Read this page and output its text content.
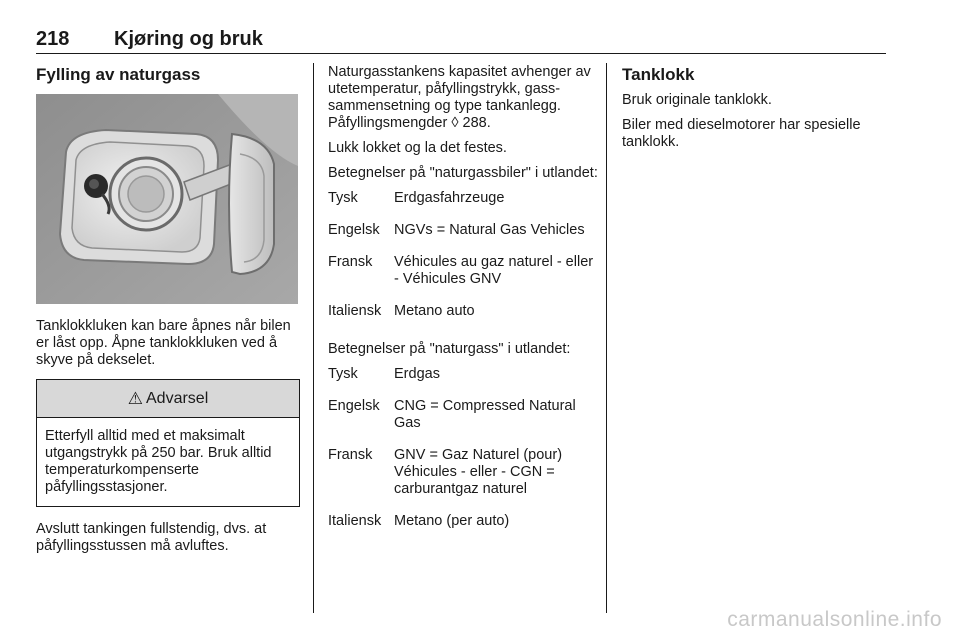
218 Kjøring og bruk
Fylling av naturgass

Tanklokkluken kan bare åpnes når bilen er låst opp. Åpne tanklokkluken ved å skyve på dekselet.

⚠ Advarsel
Etterfyll alltid med et maksimalt utgangstrykk på 250 bar. Bruk alltid temperaturkompenserte påfyllingsstasjoner.

Avslutt tankingen fullstendig, dvs. at påfyllingsstussen må avluftes.

Naturgasstankens kapasitet avhenger av utetemperatur, påfyllingstrykk, gass-sammensetning og type tankanlegg. Påfyllingsmengder ◊ 288.

Lukk lokket og la det festes.

Betegnelser på "naturgassbiler" i utlandet:

Tysk	Erdgasfahrzeuge
Engelsk	NGVs = Natural Gas Vehicles
Fransk	Véhicules au gaz naturel - eller - Véhicules GNV
Italiensk	Metano auto

Betegnelser på "naturgass" i utlandet:

Tysk	Erdgas
Engelsk	CNG = Compressed Natural Gas
Fransk	GNV = Gaz Naturel (pour) Véhicules - eller - CGN = carburantgaz naturel
Italiensk	Metano (per auto)
Tanklokk

Bruk originale tanklokk.

Biler med dieselmotorer har spesielle tanklokk.

carmanualsonline.info
